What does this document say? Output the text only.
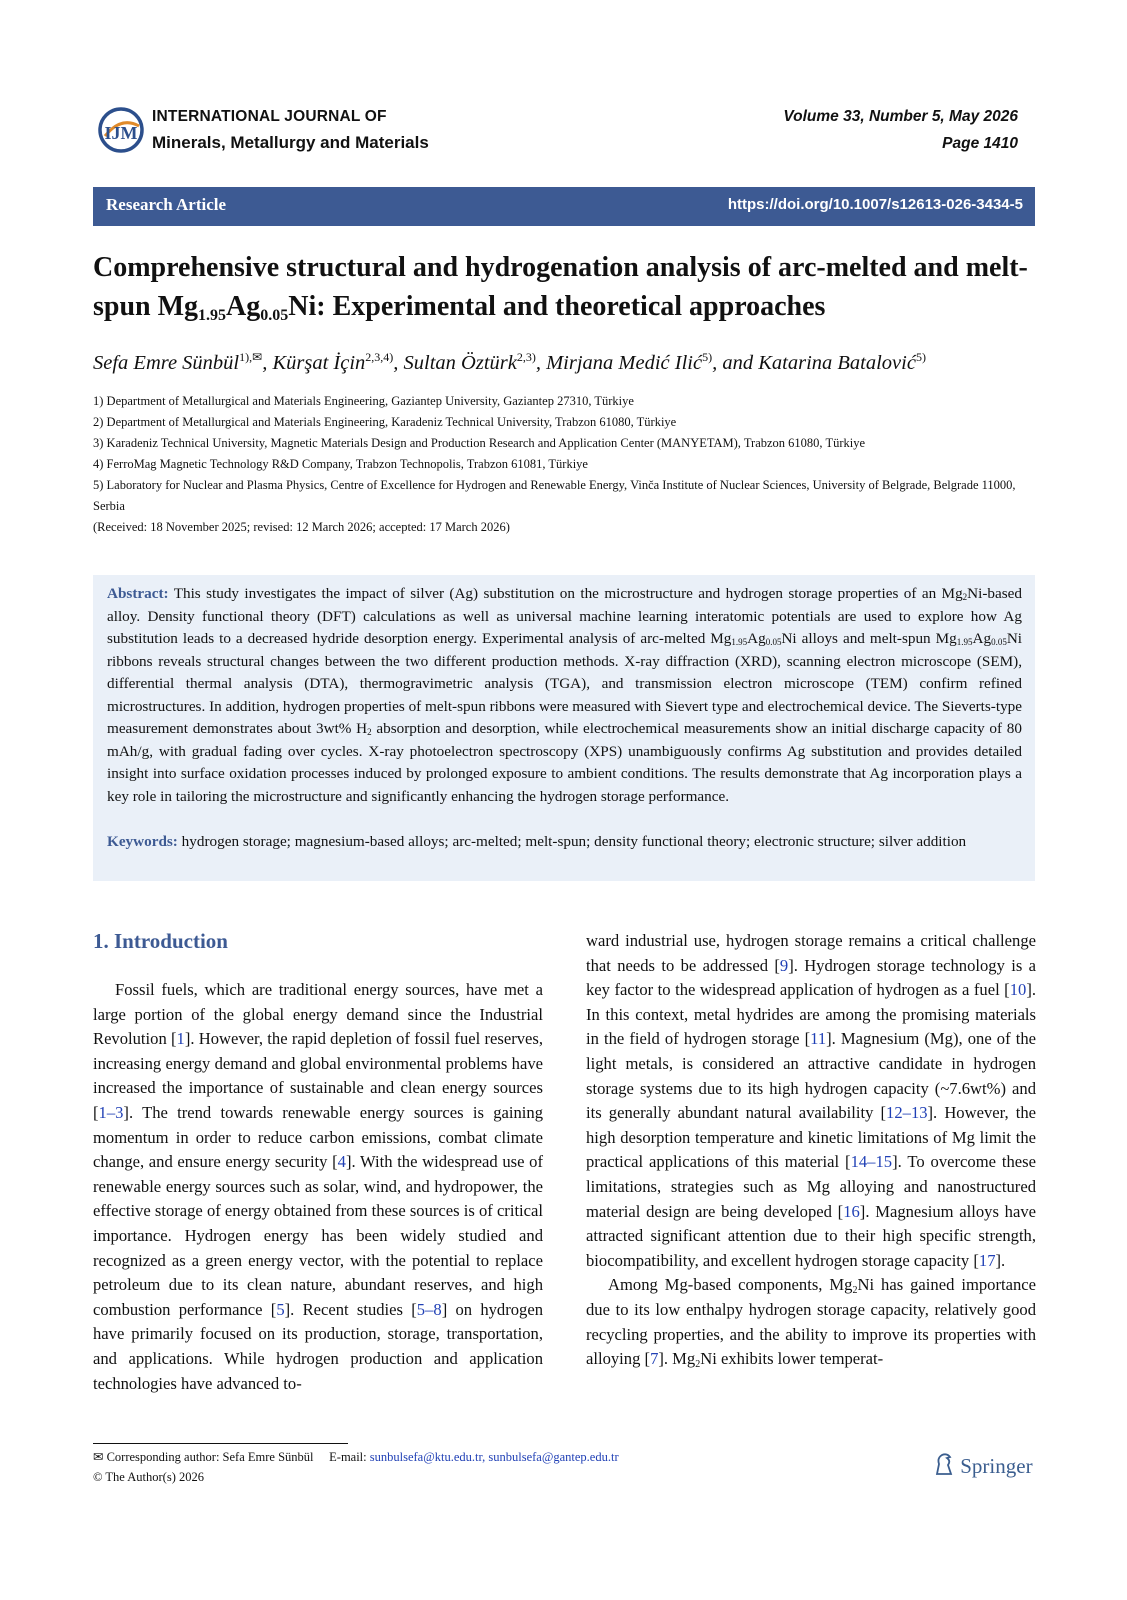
IJM
INTERNATIONAL JOURNAL OF
Minerals, Metallurgy and Materials
Volume 33, Number 5, May 2026
Page 1410
Research Article	https://doi.org/10.1007/s12613-026-3434-5
Comprehensive structural and hydrogenation analysis of arc-melted and melt-spun $Mg_{1.95}Ag_{0.05}Ni$: Experimental and theoretical approaches
Sefa Emre Sünbül$^{1),✉}$, Kürşat İçin$^{2,3,4)}$, Sultan Öztürk$^{2,3)}$, Mirjana Medić Ilić$^{5)}$, and Katarina Batalović$^{5)}$
1) Department of Metallurgical and Materials Engineering, Gaziantep University, Gaziantep 27310, Türkiye
2) Department of Metallurgical and Materials Engineering, Karadeniz Technical University, Trabzon 61080, Türkiye
3) Karadeniz Technical University, Magnetic Materials Design and Production Research and Application Center (MANYETAM), Trabzon 61080, Türkiye
4) FerroMag Magnetic Technology R&D Company, Trabzon Technopolis, Trabzon 61081, Türkiye
5) Laboratory for Nuclear and Plasma Physics, Centre of Excellence for Hydrogen and Renewable Energy, Vinča Institute of Nuclear Sciences, University of Belgrade, Belgrade 11000, Serbia
(Received: 18 November 2025; revised: 12 March 2026; accepted: 17 March 2026)
Abstract: This study investigates the impact of silver (Ag) substitution on the microstructure and hydrogen storage properties of an $Mg_2Ni$-based alloy. Density functional theory (DFT) calculations as well as universal machine learning interatomic potentials are used to explore how Ag substitution leads to a decreased hydride desorption energy. Experimental analysis of arc-melted $Mg_{1.95}Ag_{0.05}Ni$ alloys and melt-spun $Mg_{1.95}Ag_{0.05}Ni$ ribbons reveals structural changes between the two different production methods. X-ray diffraction (XRD), scanning electron microscope (SEM), differential thermal analysis (DTA), thermogravimetric analysis (TGA), and transmission electron microscope (TEM) confirm refined microstructures. In addition, hydrogen properties of melt-spun ribbons were measured with Sievert type and electrochemical device. The Sieverts-type measurement demonstrates about 3wt% $H_2$ absorption and desorption, while electrochemical measurements show an initial discharge capacity of 80 mAh/g, with gradual fading over cycles. X-ray photoelectron spectroscopy (XPS) unambiguously confirms Ag substitution and provides detailed insight into surface oxidation processes induced by prolonged exposure to ambient conditions. The results demonstrate that Ag incorporation plays a key role in tailoring the microstructure and significantly enhancing the hydrogen storage performance.
Keywords: hydrogen storage; magnesium-based alloys; arc-melted; melt-spun; density functional theory; electronic structure; silver addition
1. Introduction

Fossil fuels, which are traditional energy sources, have met a large portion of the global energy demand since the Industrial Revolution [1]. However, the rapid depletion of fossil fuel reserves, increasing energy demand and global environmental problems have increased the importance of sustainable and clean energy sources [1–3]. The trend towards renewable energy sources is gaining momentum in order to reduce carbon emissions, combat climate change, and ensure energy security [4]. With the widespread use of renewable energy sources such as solar, wind, and hydropower, the effective storage of energy obtained from these sources is of critical importance. Hydrogen energy has been widely studied and recognized as a green energy vector, with the potential to replace petroleum due to its clean nature, abundant reserves, and high combustion performance [5]. Recent studies [5–8] on hydrogen have primarily focused on its production, storage, transportation, and applications. While hydrogen production and application technologies have advanced to-

ward industrial use, hydrogen storage remains a critical challenge that needs to be addressed [9]. Hydrogen storage technology is a key factor to the widespread application of hydrogen as a fuel [10]. In this context, metal hydrides are among the promising materials in the field of hydrogen storage [11]. Magnesium (Mg), one of the light metals, is considered an attractive candidate in hydrogen storage systems due to its high hydrogen capacity (~7.6wt%) and its generally abundant natural availability [12–13]. However, the high desorption temperature and kinetic limitations of Mg limit the practical applications of this material [14–15]. To overcome these limitations, strategies such as Mg alloying and nanostructured material design are being developed [16]. Magnesium alloys have attracted significant attention due to their high specific strength, biocompatibility, and excellent hydrogen storage capacity [17].

Among Mg-based components, $Mg_2Ni$ has gained importance due to its low enthalpy hydrogen storage capacity, relatively good recycling properties, and the ability to improve its properties with alloying [7]. $Mg_2Ni$ exhibits lower temperat-

✉ Corresponding author: Sefa Emre Sünbül E-mail: sunbulsefa@ktu.edu.tr, sunbulsefa@gantep.edu.tr
© The Author(s) 2026	Springer
